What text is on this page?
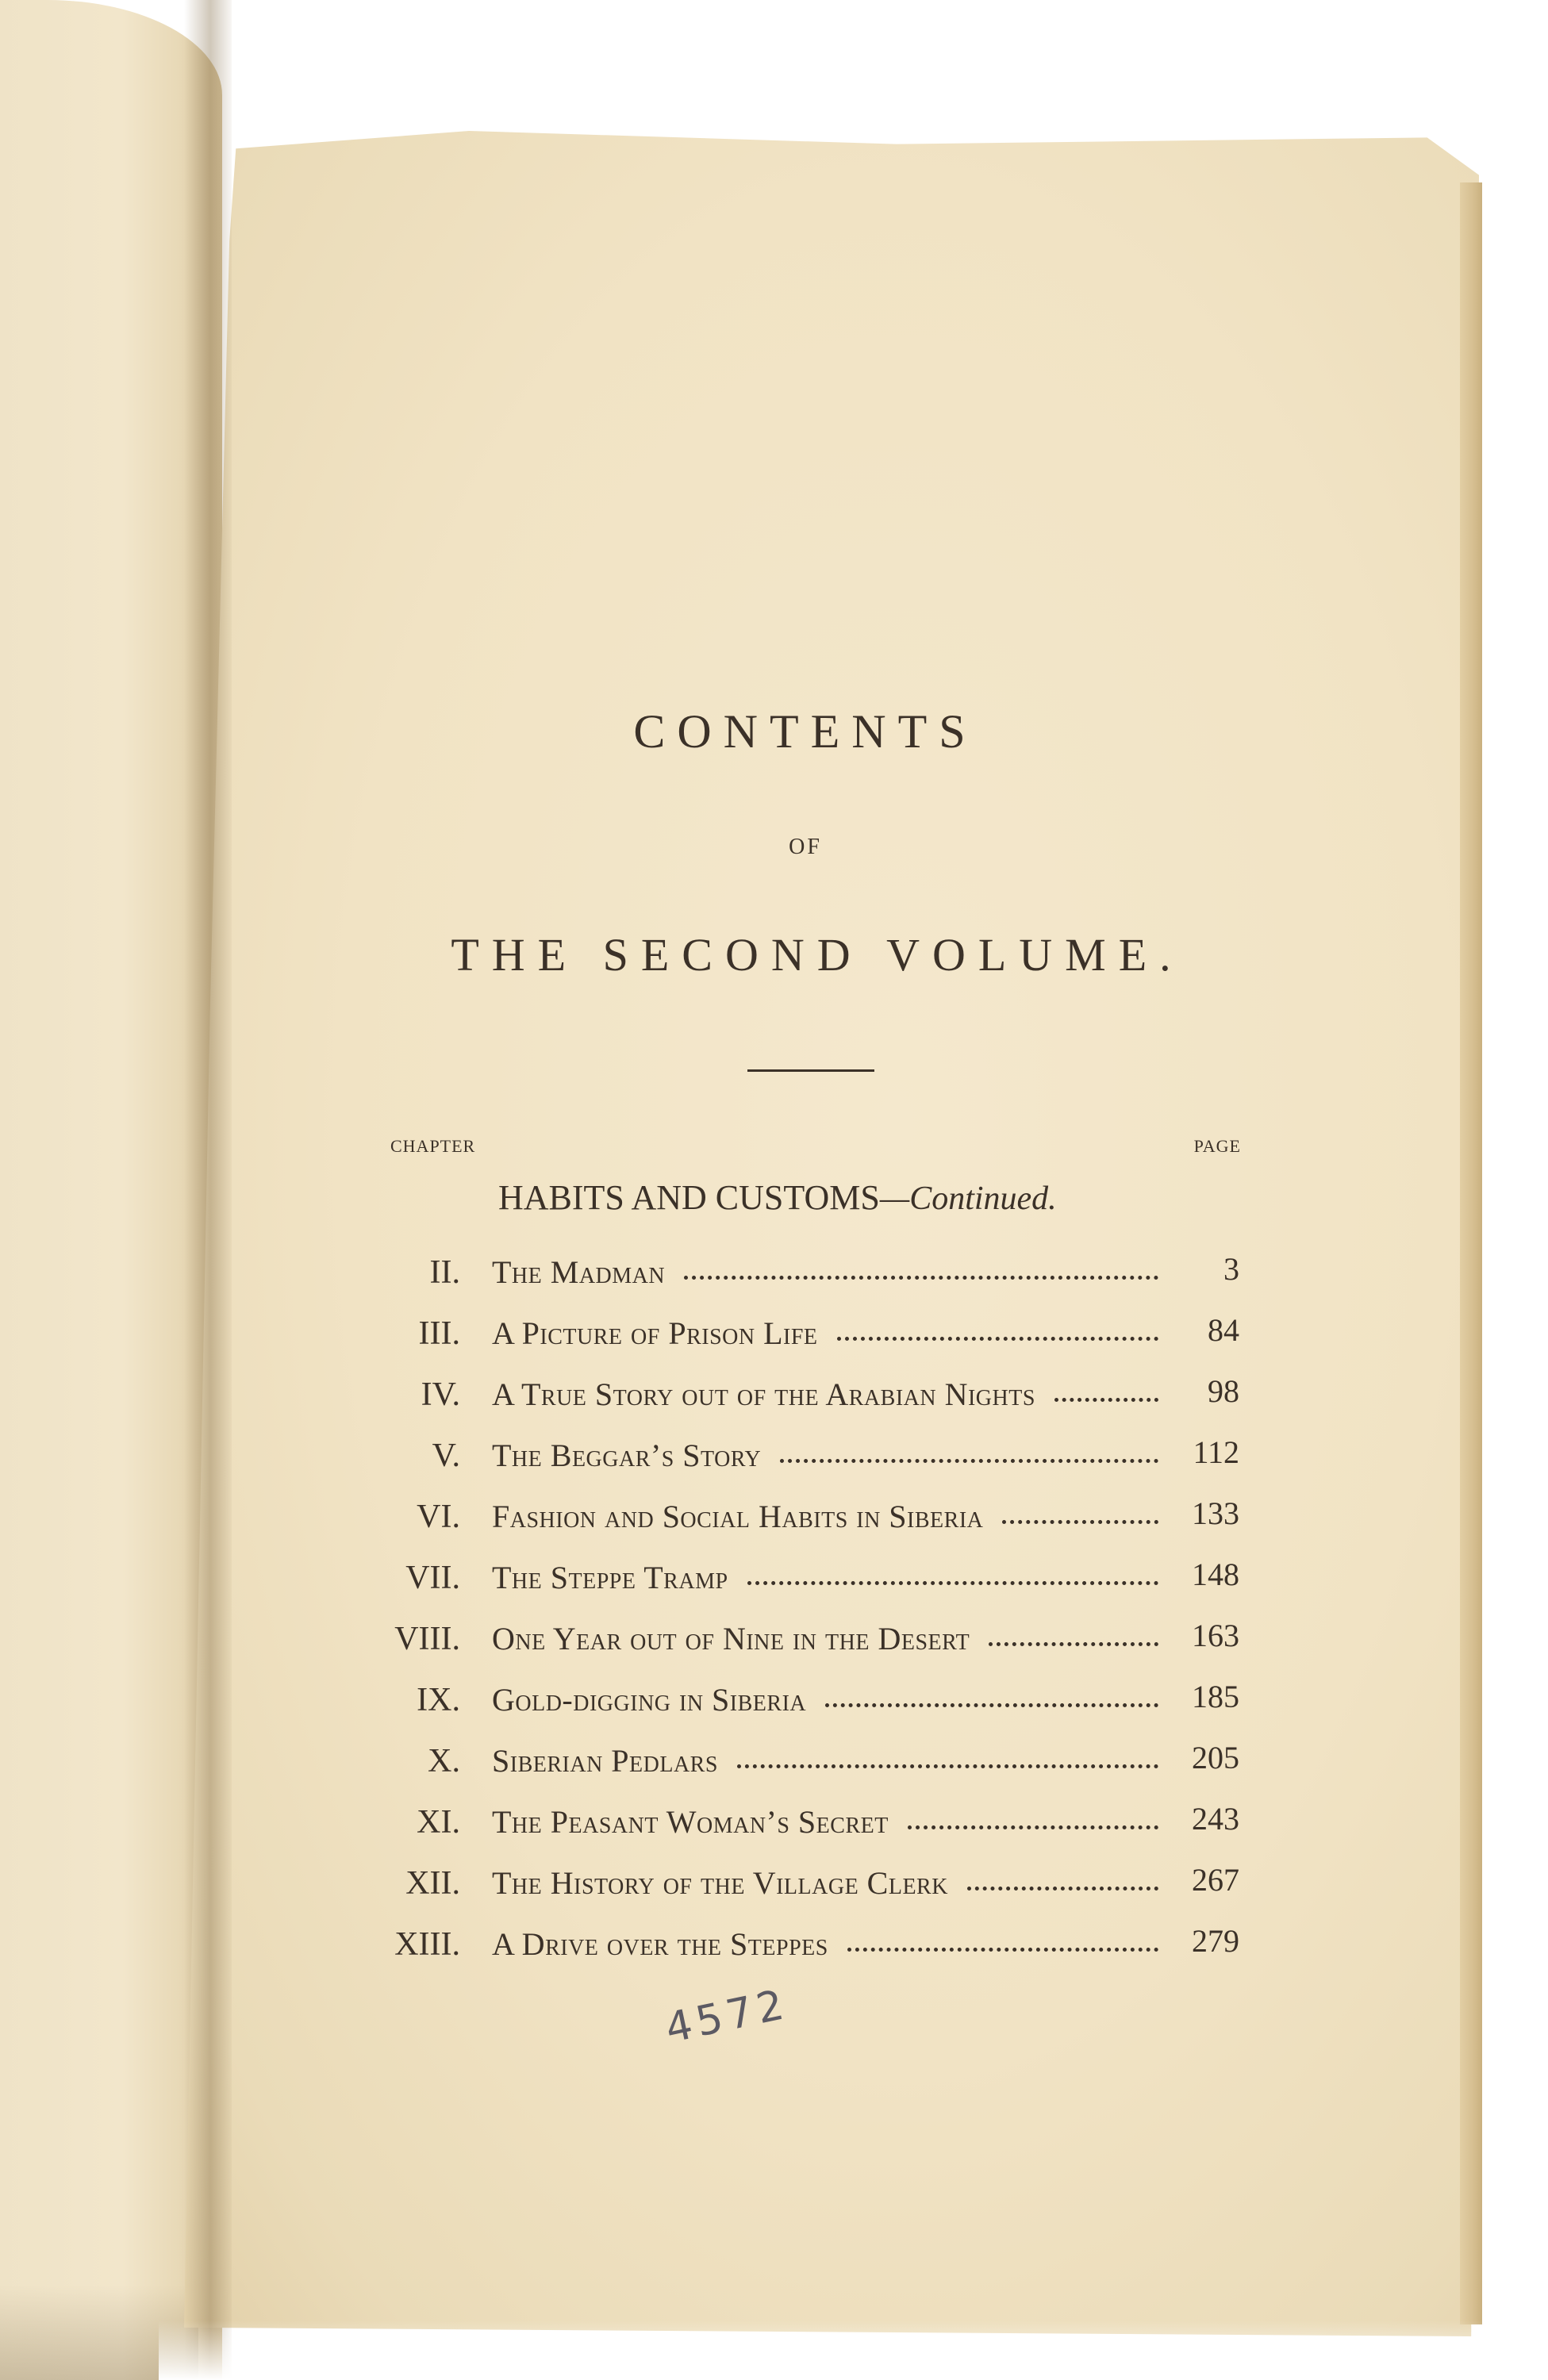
CONTENTS
OF
THE SECOND VOLUME.
CHAPTER	PAGE
HABITS AND CUSTOMS—Continued.
II. The Madman	3
III. A Picture of Prison Life	84
IV. A True Story out of the Arabian Nights	98
V. The Beggar’s Story	112
VI. Fashion and Social Habits in Siberia	133
VII. The Steppe Tramp	148
VIII. One Year out of Nine in the Desert	163
IX. Gold-digging in Siberia	185
X. Siberian Pedlars	205
XI. The Peasant Woman’s Secret	243
XII. The History of the Village Clerk	267
XIII. A Drive over the Steppes	279
4572
